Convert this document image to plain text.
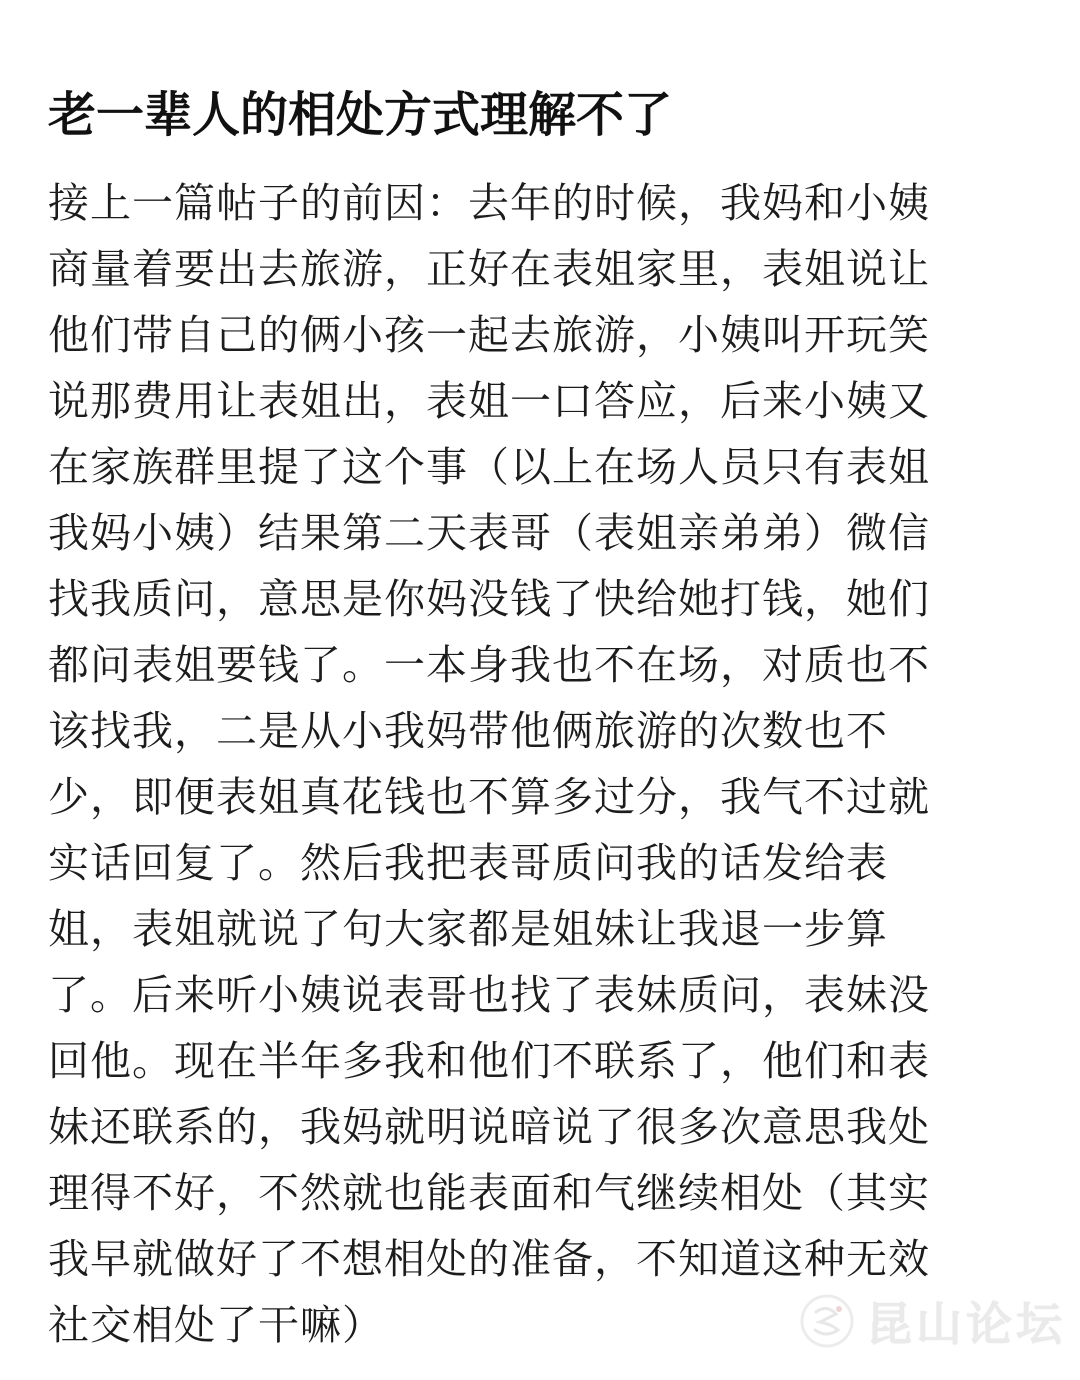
老一辈人的相处方式理解不了
接上一篇帖子的前因：去年的时候，我妈和小姨
商量着要出去旅游，正好在表姐家里，表姐说让
他们带自己的俩小孩一起去旅游，小姨叫开玩笑
说那费用让表姐出，表姐一口答应，后来小姨又
在家族群里提了这个事（以上在场人员只有表姐
我妈小姨）结果第二天表哥（表姐亲弟弟）微信
找我质问，意思是你妈没钱了快给她打钱，她们
都问表姐要钱了。一本身我也不在场，对质也不
该找我，二是从小我妈带他俩旅游的次数也不
少，即便表姐真花钱也不算多过分，我气不过就
实话回复了。然后我把表哥质问我的话发给表
姐，表姐就说了句大家都是姐妹让我退一步算
了。后来听小姨说表哥也找了表妹质问，表妹没
回他。现在半年多我和他们不联系了，他们和表
妹还联系的，我妈就明说暗说了很多次意思我处
理得不好，不然就也能表面和气继续相处（其实
我早就做好了不想相处的准备，不知道这种无效
社交相处了干嘛）	昆山论坛
